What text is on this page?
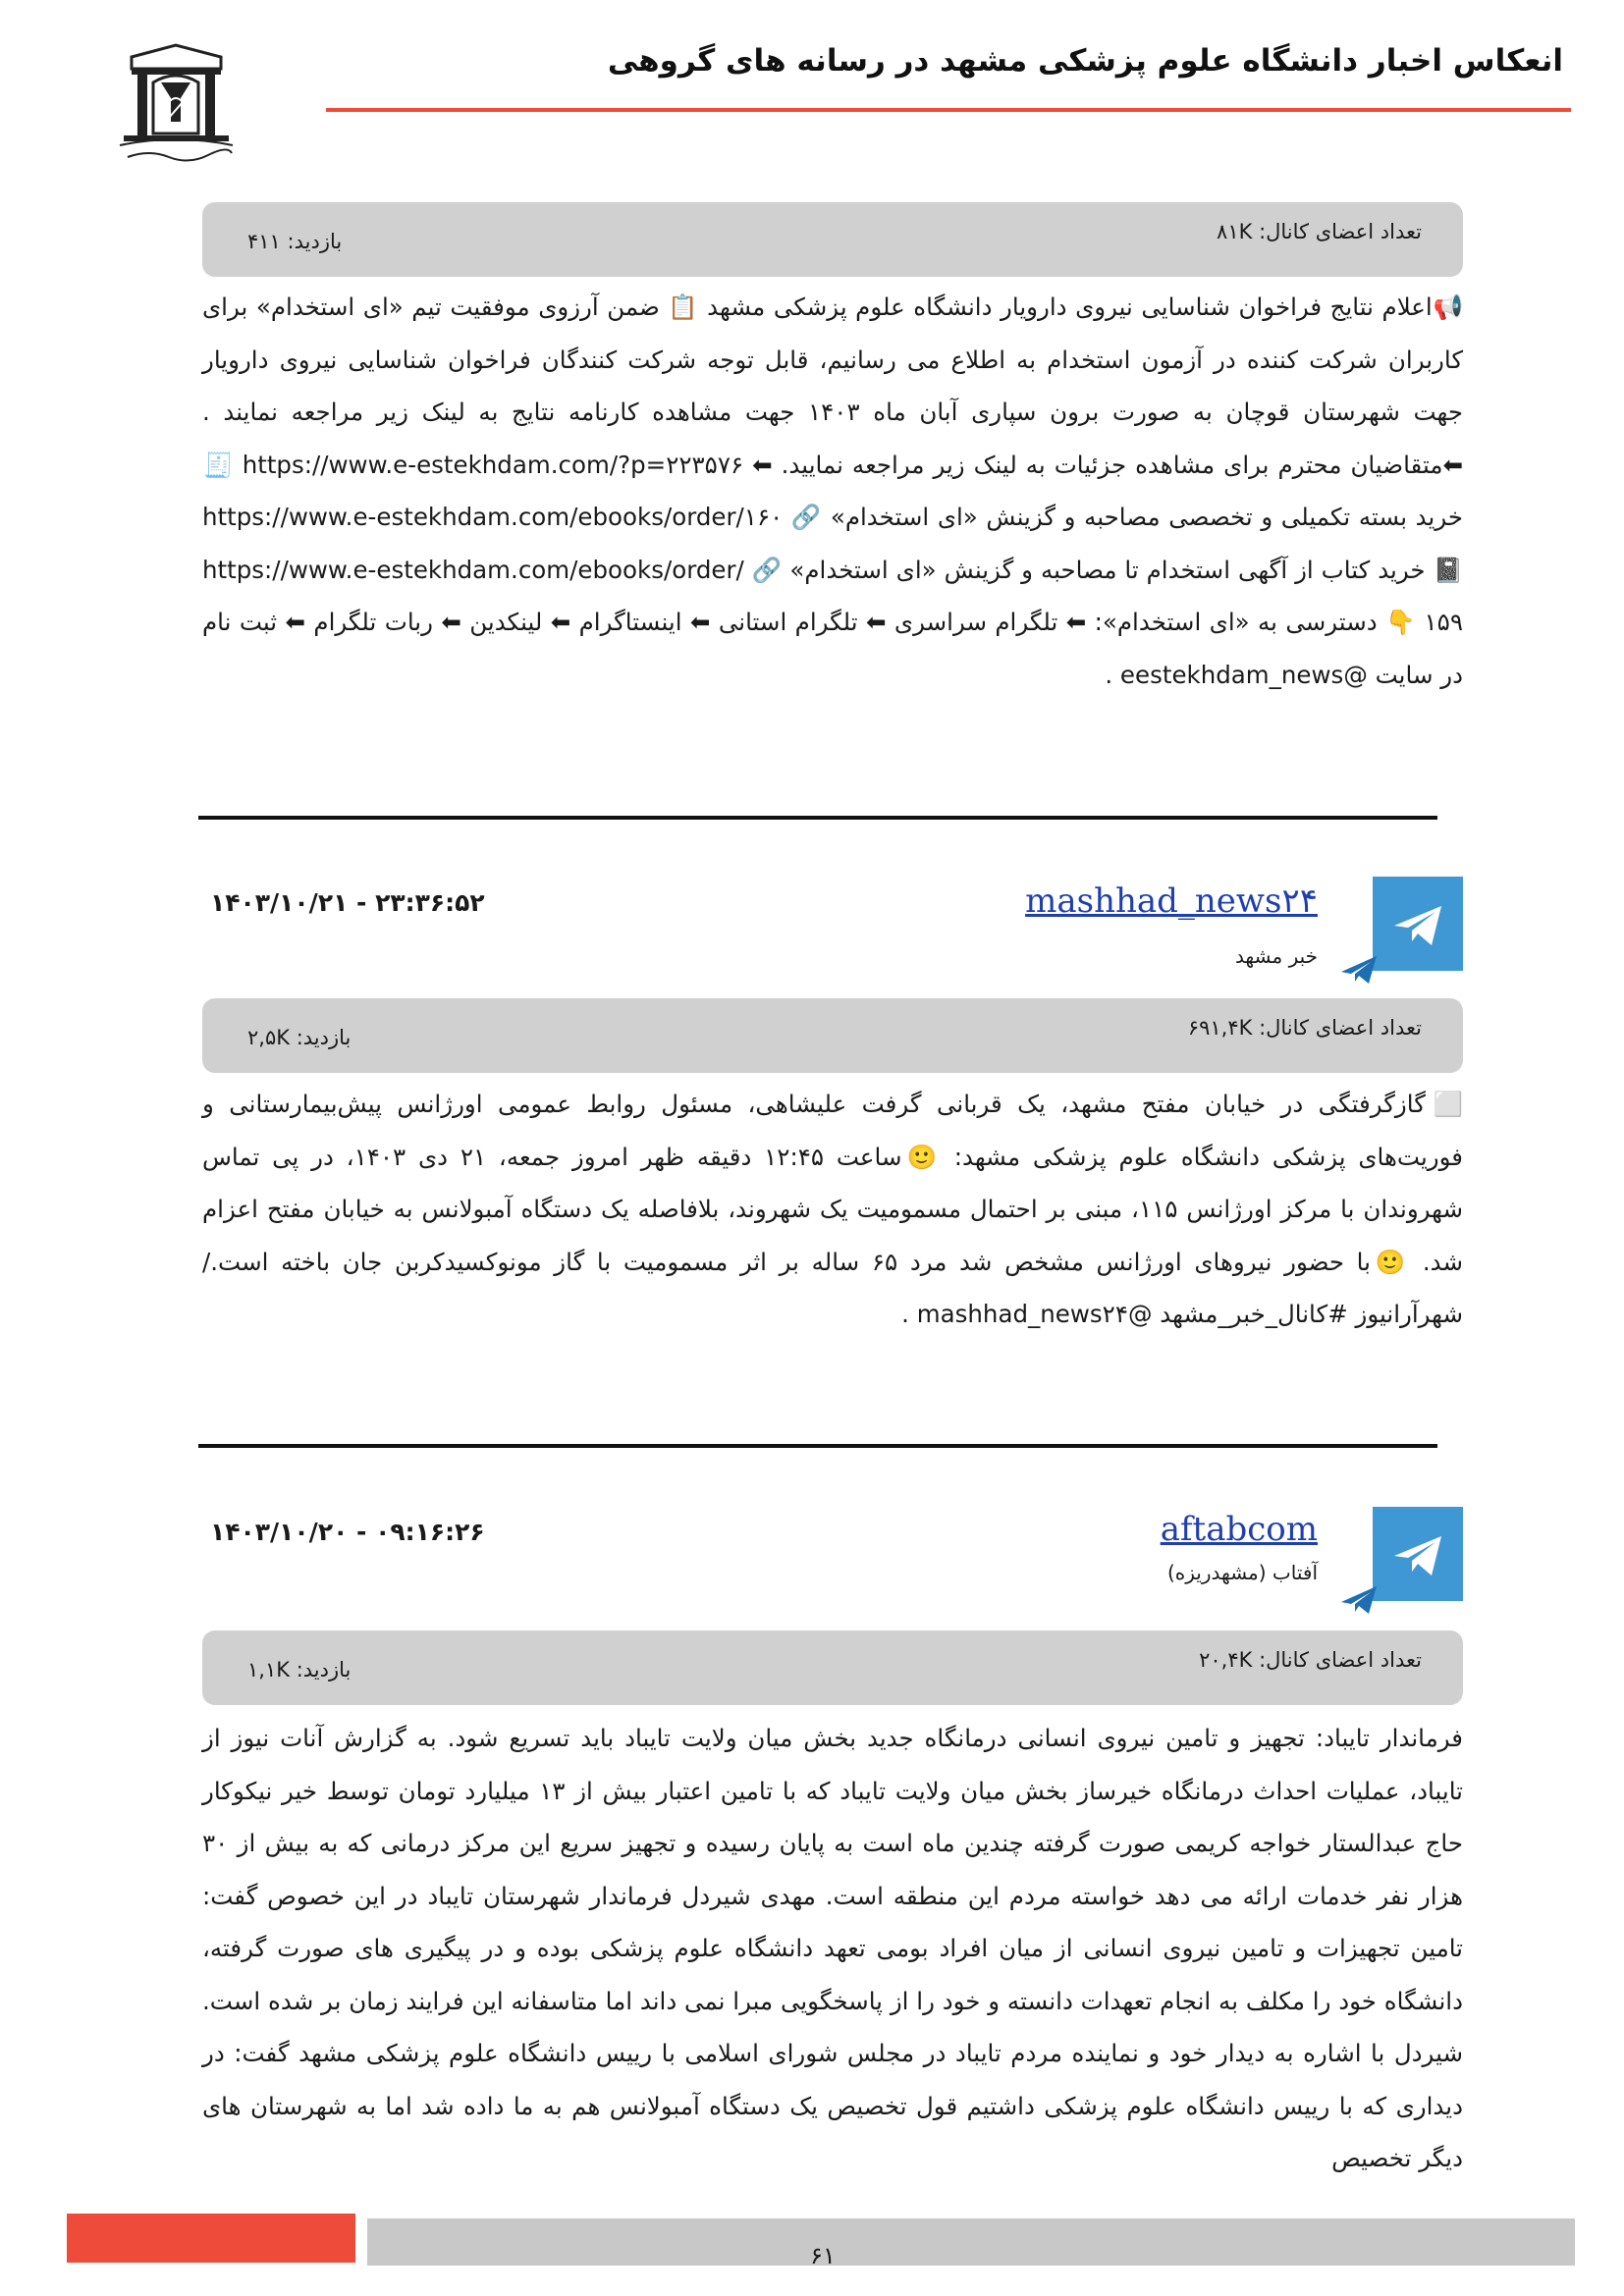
انعکاس اخبار دانشگاه علوم پزشکی مشهد در رسانه های گروهی
تعداد اعضای کانال: ۸۱K
بازدید: ۴۱۱

📢اعلام نتایج فراخوان شناسایی نیروی دارویار دانشگاه علوم پزشکی مشهد 📋 ضمن آرزوی موفقیت تیم «ای استخدام» برای کاربران شرکت کننده در آزمون استخدام به اطلاع می رسانیم، قابل توجه شرکت کنندگان فراخوان شناسایی نیروی دارویار جهت شهرستان قوچان به صورت برون سپاری آبان ماه ۱۴۰۳ جهت مشاهده کارنامه نتایج به لینک زیر مراجعه نمایند . ⬅متقاضیان محترم برای مشاهده جزئیات به لینک زیر مراجعه نمایید. ⬅ https://www.e-estekhdam.com/?p=۲۲۳۵۷۶ 🧾 خرید بسته تکمیلی و تخصصی مصاحبه و گزینش «ای استخدام» 🔗 https://www.e-estekhdam.com/ebooks/order/۱۶۰ 📓 خرید کتاب از آگهی استخدام تا مصاحبه و گزینش «ای استخدام» 🔗 https://www.e-estekhdam.com/ebooks/order/۱۵۹ 👇 دسترسی به «ای استخدام»: ⬅ تلگرام سراسری ⬅ تلگرام استانی ⬅ اینستاگرام ⬅ لینکدین ⬅ ربات تلگرام ⬅ ثبت نام در سایت @eestekhdam_news .

mashhad_news۲۴
خبر مشهد
۱۴۰۳/۱۰/۲۱ - ۲۳:۳۶:۵۲
تعداد اعضای کانال: ۶۹۱,۴K
بازدید: ۲,۵K

⬜گازگرفتگی در خیابان مفتح مشهد، یک قربانی گرفت علیشاهی، مسئول روابط عمومی اورژانس پیش‌بیمارستانی و فوریت‌های پزشکی دانشگاه علوم پزشکی مشهد: 🙂ساعت ۱۲:۴۵ دقیقه ظهر امروز جمعه، ۲۱ دی ۱۴۰۳، در پی تماس شهروندان با مرکز اورژانس ۱۱۵، مبنی بر احتمال مسمومیت یک شهروند، بلافاصله یک دستگاه آمبولانس به خیابان مفتح اعزام شد. 🙂با حضور نیروهای اورژانس مشخص شد مرد ۶۵ ساله بر اثر مسمومیت با گاز مونوکسیدکربن جان باخته است./شهرآرانیوز #کانال_خبر_مشهد @mashhad_news۲۴ .

aftabcom
آفتاب (مشهدریزه)
۱۴۰۳/۱۰/۲۰ - ۰۹:۱۶:۲۶
تعداد اعضای کانال: ۲۰,۴K
بازدید: ۱,۱K

فرماندار تایباد: تجهیز و تامین نیروی انسانی درمانگاه جدید بخش میان ولایت تایباد باید تسریع شود. به گزارش آنات نیوز از تایباد، عملیات احداث درمانگاه خیرساز بخش میان ولایت تایباد که با تامین اعتبار بیش از ۱۳ میلیارد تومان توسط خیر نیکوکار حاج عبدالستار خواجه کریمی صورت گرفته چندین ماه است به پایان رسیده و تجهیز سریع این مرکز درمانی که به بیش از ۳۰ هزار نفر خدمات ارائه می دهد خواسته مردم این منطقه است. مهدی شیردل فرماندار شهرستان تایباد در این خصوص گفت: تامین تجهیزات و تامین نیروی انسانی از میان افراد بومی تعهد دانشگاه علوم پزشکی بوده و در پیگیری های صورت گرفته، دانشگاه خود را مکلف به انجام تعهدات دانسته و خود را از پاسخگویی مبرا نمی داند اما متاسفانه این فرایند زمان بر شده است. شیردل با اشاره به دیدار خود و نماینده مردم تایباد در مجلس شورای اسلامی با رییس دانشگاه علوم پزشکی مشهد گفت: در دیداری که با رییس دانشگاه علوم پزشکی داشتیم قول تخصیص یک دستگاه آمبولانس هم به ما داده شد اما به شهرستان های دیگر تخصیص

۶۱
